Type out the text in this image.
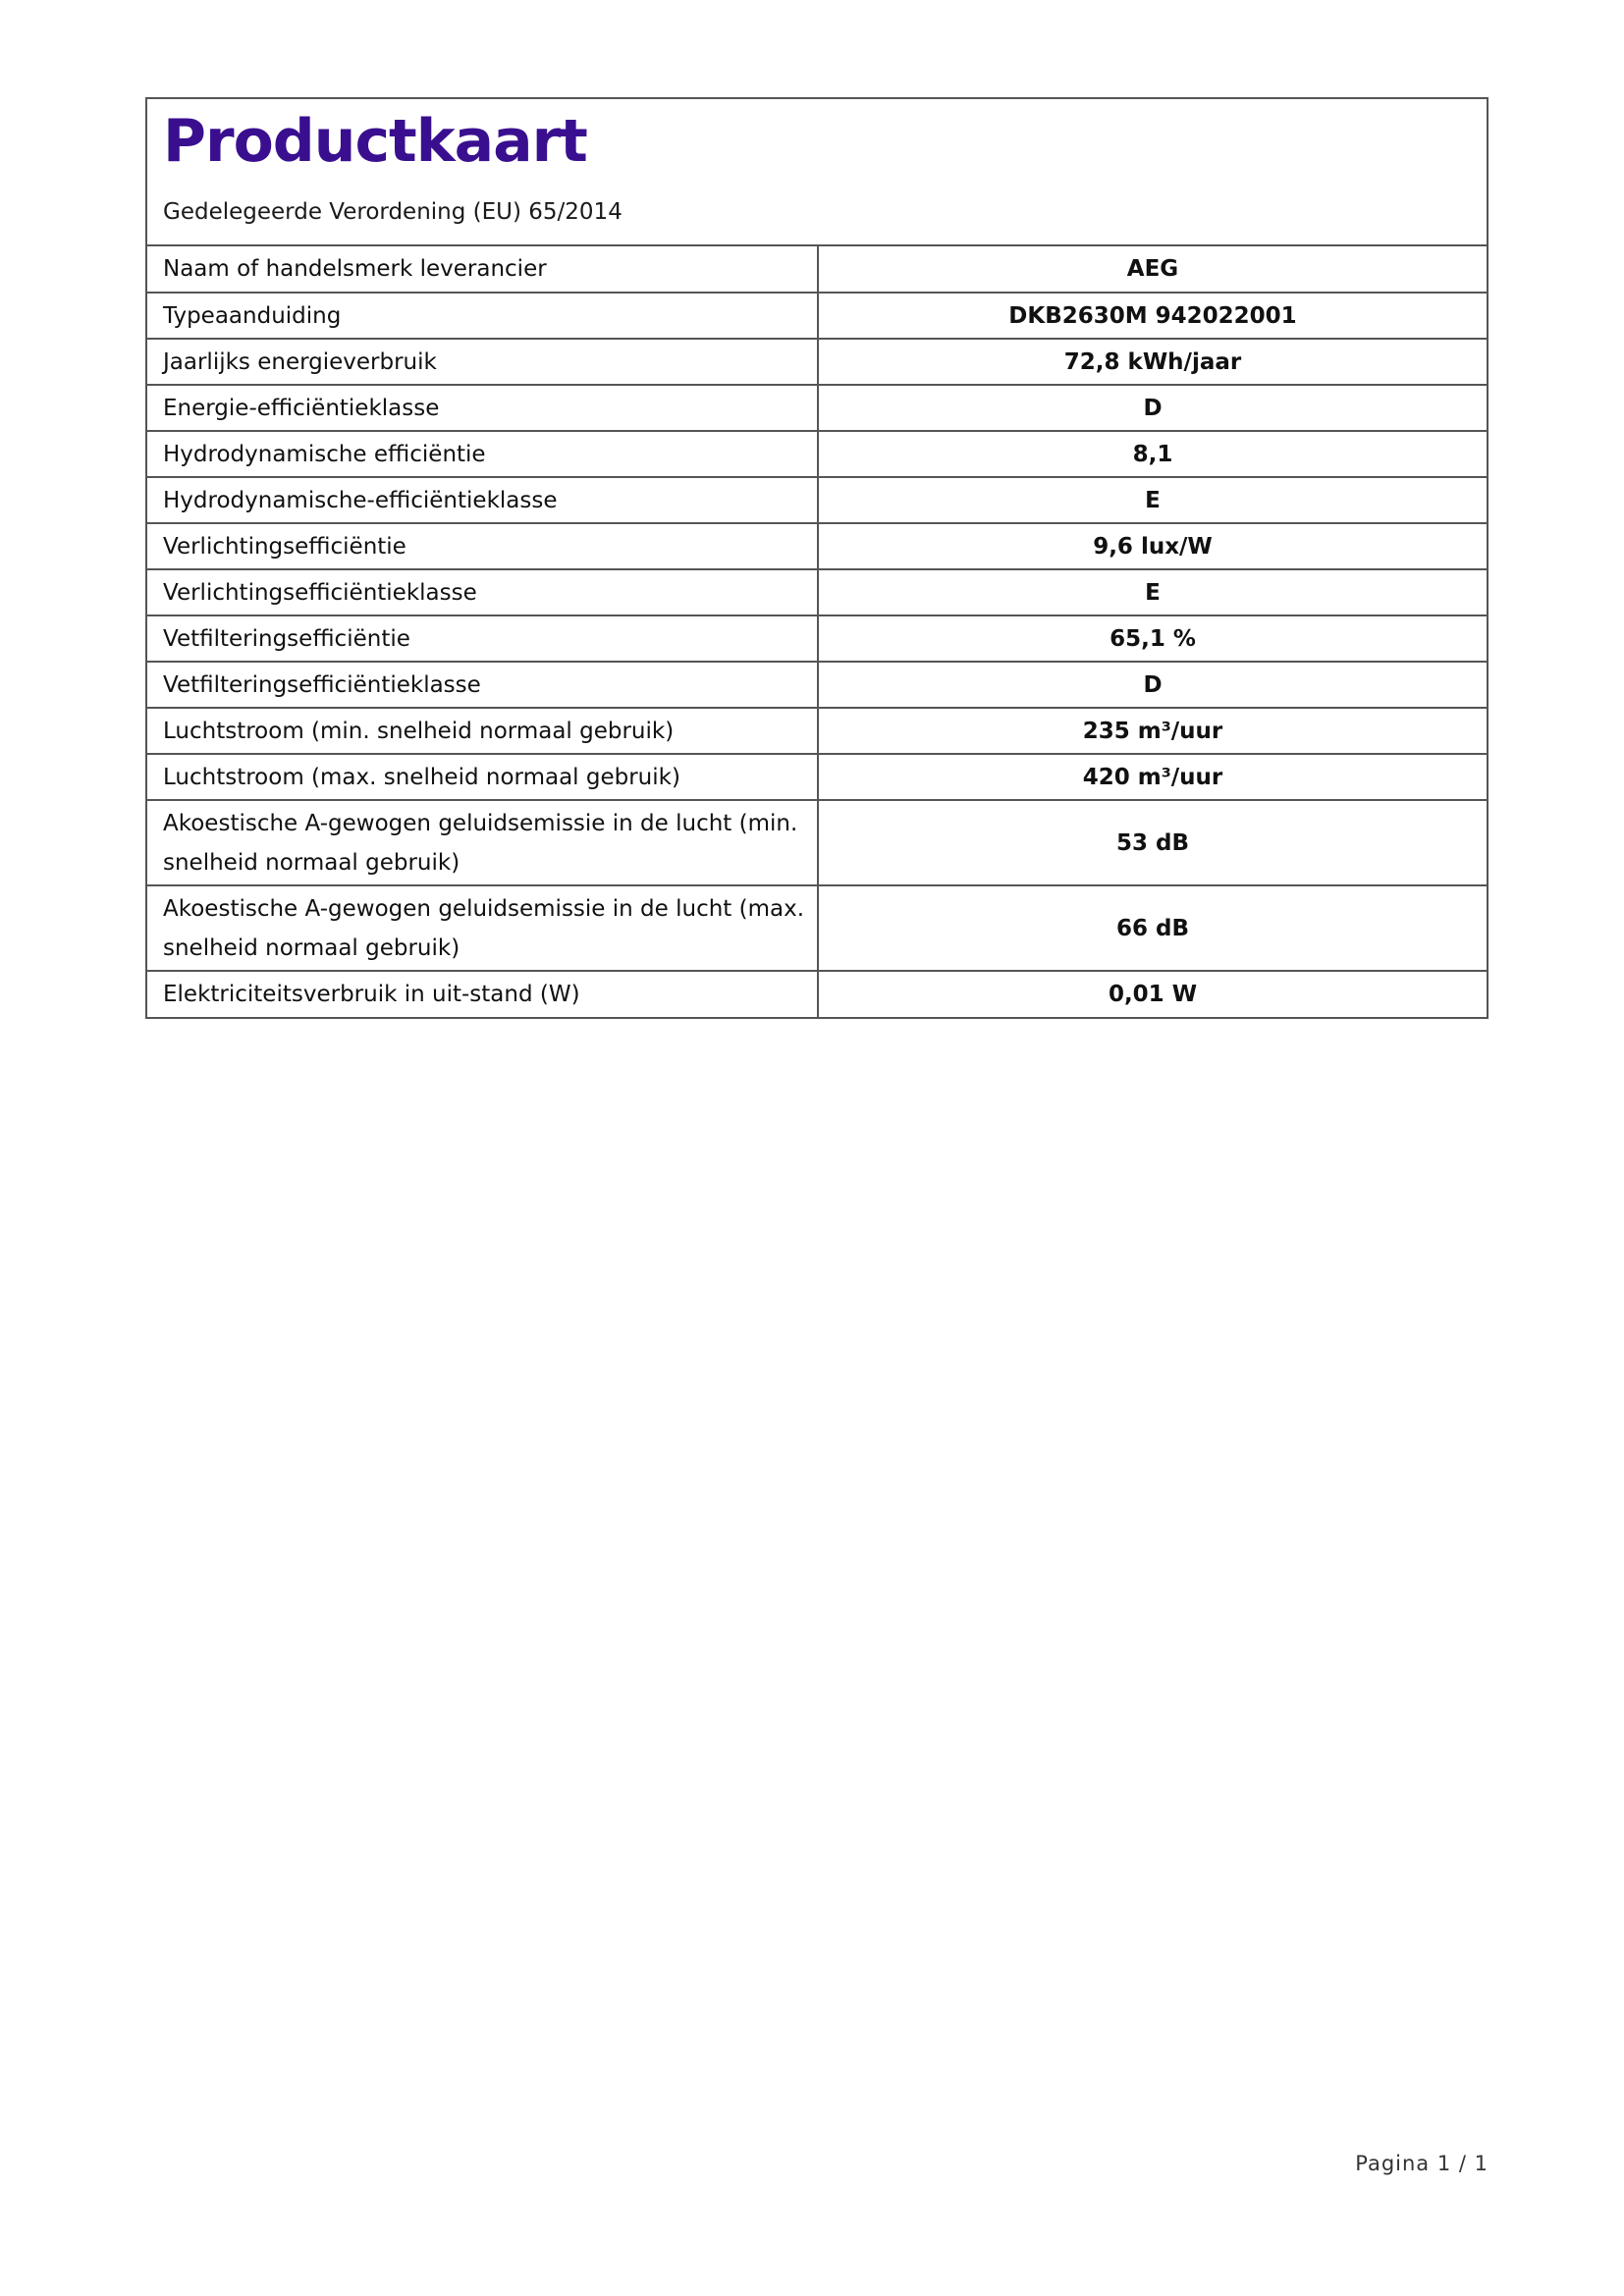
Productkaart
Gedelegeerde Verordening (EU) 65/2014
Naam of handelsmerk leverancier	AEG
Typeaanduiding	DKB2630M 942022001
Jaarlijks energieverbruik	72,8 kWh/jaar
Energie-efficiëntieklasse	D
Hydrodynamische efficiëntie	8,1
Hydrodynamische-efficiëntieklasse	E
Verlichtingsefficiëntie	9,6 lux/W
Verlichtingsefficiëntieklasse	E
Vetfilteringsefficiëntie	65,1 %
Vetfilteringsefficiëntieklasse	D
Luchtstroom (min. snelheid normaal gebruik)	235 m³/uur
Luchtstroom (max. snelheid normaal gebruik)	420 m³/uur
Akoestische A-gewogen geluidsemissie in de lucht (min. snelheid normaal gebruik)	53 dB
Akoestische A-gewogen geluidsemissie in de lucht (max. snelheid normaal gebruik)	66 dB
Elektriciteitsverbruik in uit-stand (W)	0,01 W
Pagina 1 / 1
